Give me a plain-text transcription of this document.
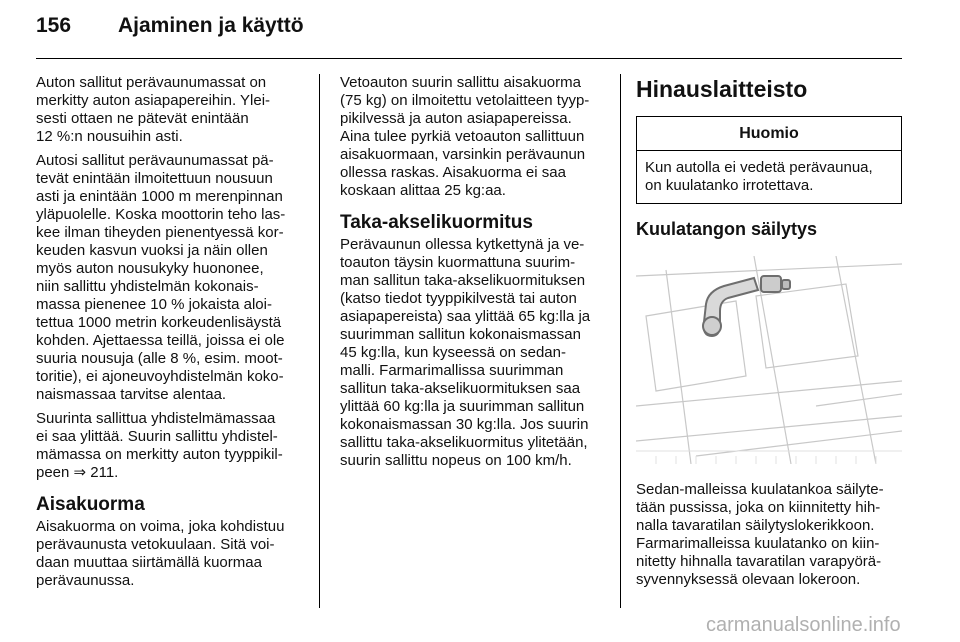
156 Ajaminen ja käyttö

Auton sallitut perävaunumassat on
merkitty auton asiapapereihin. Ylei-
sesti ottaen ne pätevät enintään
12 %:n nousuihin asti.

Autosi sallitut perävaunumassat pä-
tevät enintään ilmoitettuun nousuun
asti ja enintään 1000 m merenpinnan
yläpuolelle. Koska moottorin teho las-
kee ilman tiheyden pienentyessä kor-
keuden kasvun vuoksi ja näin ollen
myös auton nousukyky huononee,
niin sallittu yhdistelmän kokonais-
massa pienenee 10 % jokaista aloi-
tettua 1000 metrin korkeudenlisäystä
kohden. Ajettaessa teillä, joissa ei ole
suuria nousuja (alle 8 %, esim. moot-
toritie), ei ajoneuvoyhdistelmän koko-
naismassaa tarvitse alentaa.

Suurinta sallittua yhdistelmämassaa
ei saa ylittää. Suurin sallittu yhdistel-
mämassa on merkitty auton tyyppikil-
peen ⇒ 211.

Aisakuorma

Aisakuorma on voima, joka kohdistuu
perävaunusta vetokuulaan. Sitä voi-
daan muuttaa siirtämällä kuormaa
perävaunussa.

Vetoauton suurin sallittu aisakuorma
(75 kg) on ilmoitettu vetolaitteen tyyp-
pikilvessä ja auton asiapapereissa.
Aina tulee pyrkiä vetoauton sallittuun
aisakuormaan, varsinkin perävaunun
ollessa raskas. Aisakuorma ei saa
koskaan alittaa 25 kg:aa.

Taka-akselikuormitus

Perävaunun ollessa kytkettynä ja ve-
toauton täysin kuormattuna suurim-
man sallitun taka-akselikuormituksen
(katso tiedot tyyppikilvestä tai auton
asiapapereista) saa ylittää 65 kg:lla ja
suurimman sallitun kokonaismassan
45 kg:lla, kun kyseessä on sedan-
malli. Farmarimallissa suurimman
sallitun taka-akselikuormituksen saa
ylittää 60 kg:lla ja suurimman sallitun
kokonaismassan 30 kg:lla. Jos suurin
sallittu taka-akselikuormitus ylitetään,
suurin sallittu nopeus on 100 km/h.

Hinauslaitteisto
Huomio
Kun autolla ei vedetä perävaunua,
on kuulatanko irrotettava.
Kuulatangon säilytys

Sedan-malleissa kuulatankoa säilyte-
tään pussissa, joka on kiinnitetty hih-
nalla tavaratilan säilytyslokerikkoon.
Farmarimalleissa kuulatanko on kiin-
nitetty hihnalla tavaratilan varapyörä-
syvennyksessä olevaan lokeroon.

carmanualsonline.info
